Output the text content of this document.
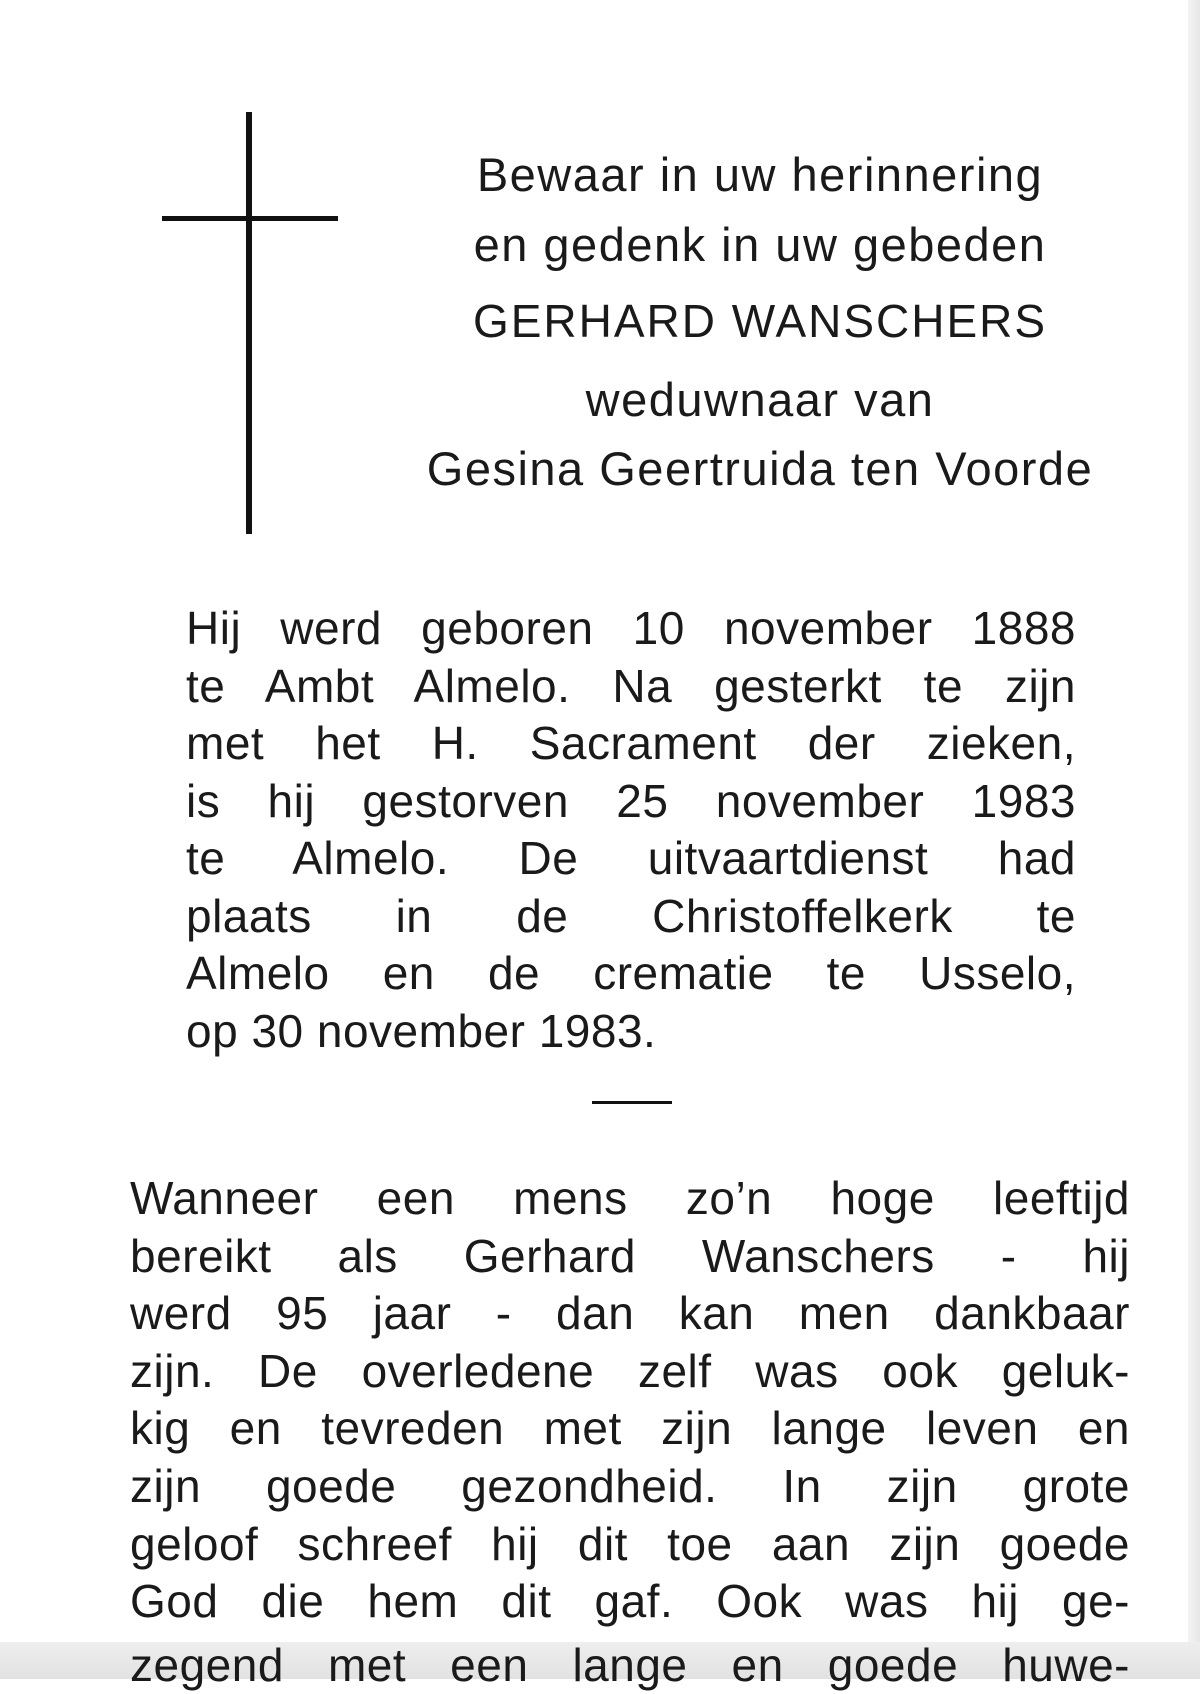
Bewaar in uw herinnering
en gedenk in uw gebeden
GERHARD WANSCHERS
weduwnaar van
Gesina Geertruida ten Voorde
Hij werd geboren 10 november 1888
te Ambt Almelo. Na gesterkt te zijn
met het H. Sacrament der zieken,
is hij gestorven 25 november 1983
te Almelo. De uitvaartdienst had
plaats in de Christoffelkerk te
Almelo en de crematie te Usselo,
op 30 november 1983.
Wanneer een mens zo’n hoge leeftijd
bereikt als Gerhard Wanschers - hij
werd 95 jaar - dan kan men dankbaar
zijn. De overledene zelf was ook geluk-
kig en tevreden met zijn lange leven en
zijn goede gezondheid. In zijn grote
geloof schreef hij dit toe aan zijn goede
God die hem dit gaf. Ook was hij ge-
zegend met een lange en goede huwe-
